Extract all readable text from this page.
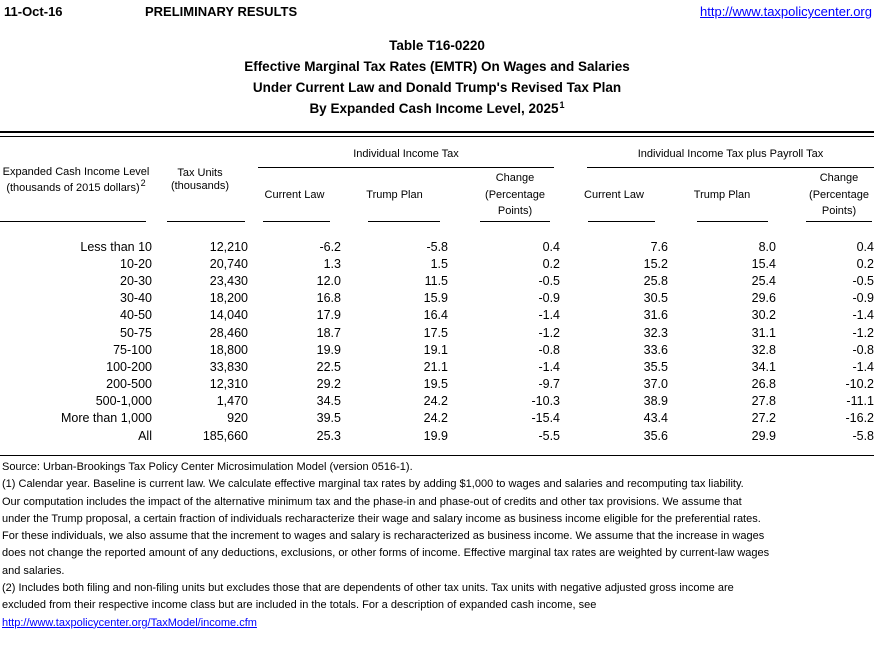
11-Oct-16	PRELIMINARY RESULTS	http://www.taxpolicycenter.org
Table T16-0220
Effective Marginal Tax Rates (EMTR) On Wages and Salaries
Under Current Law and Donald Trump's Revised Tax Plan
By Expanded Cash Income Level, 2025$^1$
Expanded Cash Income Level (thousands of 2015 dollars)$^2$	Tax Units (thousands)	Individual Income Tax			Individual Income Tax plus Payroll Tax		

		Current Law	Trump Plan	Change (Percentage Points)	Current Law	Trump Plan	Change (Percentage Points)

Less than 10	12,210	-6.2	-5.8	0.4	7.6	8.0	0.4
10-20	20,740	1.3	1.5	0.2	15.2	15.4	0.2
20-30	23,430	12.0	11.5	-0.5	25.8	25.4	-0.5
30-40	18,200	16.8	15.9	-0.9	30.5	29.6	-0.9
40-50	14,040	17.9	16.4	-1.4	31.6	30.2	-1.4
50-75	28,460	18.7	17.5	-1.2	32.3	31.1	-1.2
75-100	18,800	19.9	19.1	-0.8	33.6	32.8	-0.8
100-200	33,830	22.5	21.1	-1.4	35.5	34.1	-1.4
200-500	12,310	29.2	19.5	-9.7	37.0	26.8	-10.2
500-1,000	1,470	34.5	24.2	-10.3	38.9	27.8	-11.1
More than 1,000	920	39.5	24.2	-15.4	43.4	27.2	-16.2
All	185,660	25.3	19.9	-5.5	35.6	29.9	-5.8
Source: Urban-Brookings Tax Policy Center Microsimulation Model (version 0516-1).
(1) Calendar year. Baseline is current law. We calculate effective marginal tax rates by adding $1,000 to wages and salaries and recomputing tax liability.
Our computation includes the impact of the alternative minimum tax and the phase-in and phase-out of credits and other tax provisions. We assume that
under the Trump proposal, a certain fraction of individuals recharacterize their wage and salary income as business income eligible for the preferential rates.
For these individuals, we also assume that the increment to wages and salary is recharacterized as business income. We assume that the increase in wages
does not change the reported amount of any deductions, exclusions, or other forms of income. Effective marginal tax rates are weighted by current-law wages
and salaries.
(2) Includes both filing and non-filing units but excludes those that are dependents of other tax units. Tax units with negative adjusted gross income are
excluded from their respective income class but are included in the totals. For a description of expanded cash income, see
http://www.taxpolicycenter.org/TaxModel/income.cfm
